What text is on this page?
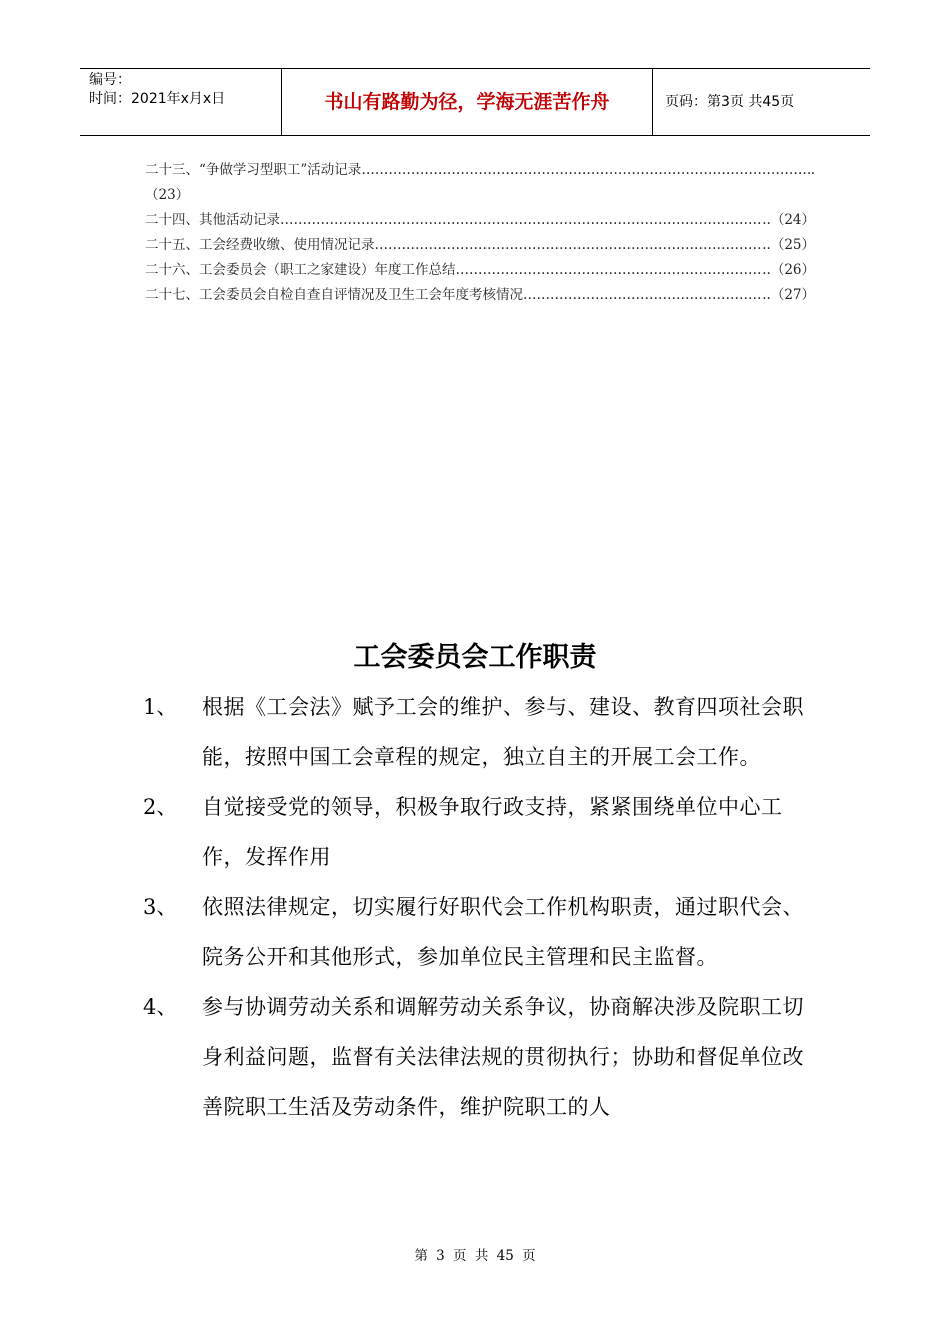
编号：
时间：2021年x月x日	书山有路勤为径，学海无涯苦作舟	页码：第3页 共45页
二十三、“争做学习型职工”活动记录 ……………………………………………………………………………………………………………………………………………………	.
（23）
二十四、其他活动记录 ……………………………………………………………………………………………………………………………………………………	..（24）
二十五、工会经费收缴、使用情况记录 ……………………………………………………………………………………………………………………………………………………	..（25）
二十六、工会委员会（职工之家建设）年度工作总结 ……………………………………………………………………………………………………………………………………………………	..（26）
二十七、工会委员会自检自查自评情况及卫生工会年度考核情况 ……………………………………………………………………………………………………………………………………………………	..（27）
工会委员会工作职责
1、 根据《工会法》赋予工会的维护、参与、建设、教育四项社会职能，按照中国工会章程的规定，独立自主的开展工会工作。
2、 自觉接受党的领导，积极争取行政支持，紧紧围绕单位中心工作，发挥作用
3、 依照法律规定，切实履行好职代会工作机构职责，通过职代会、院务公开和其他形式，参加单位民主管理和民主监督。
4、 参与协调劳动关系和调解劳动关系争议，协商解决涉及院职工切身利益问题，监督有关法律法规的贯彻执行；协助和督促单位改善院职工生活及劳动条件，维护院职工的人
第 3 页 共 45 页
